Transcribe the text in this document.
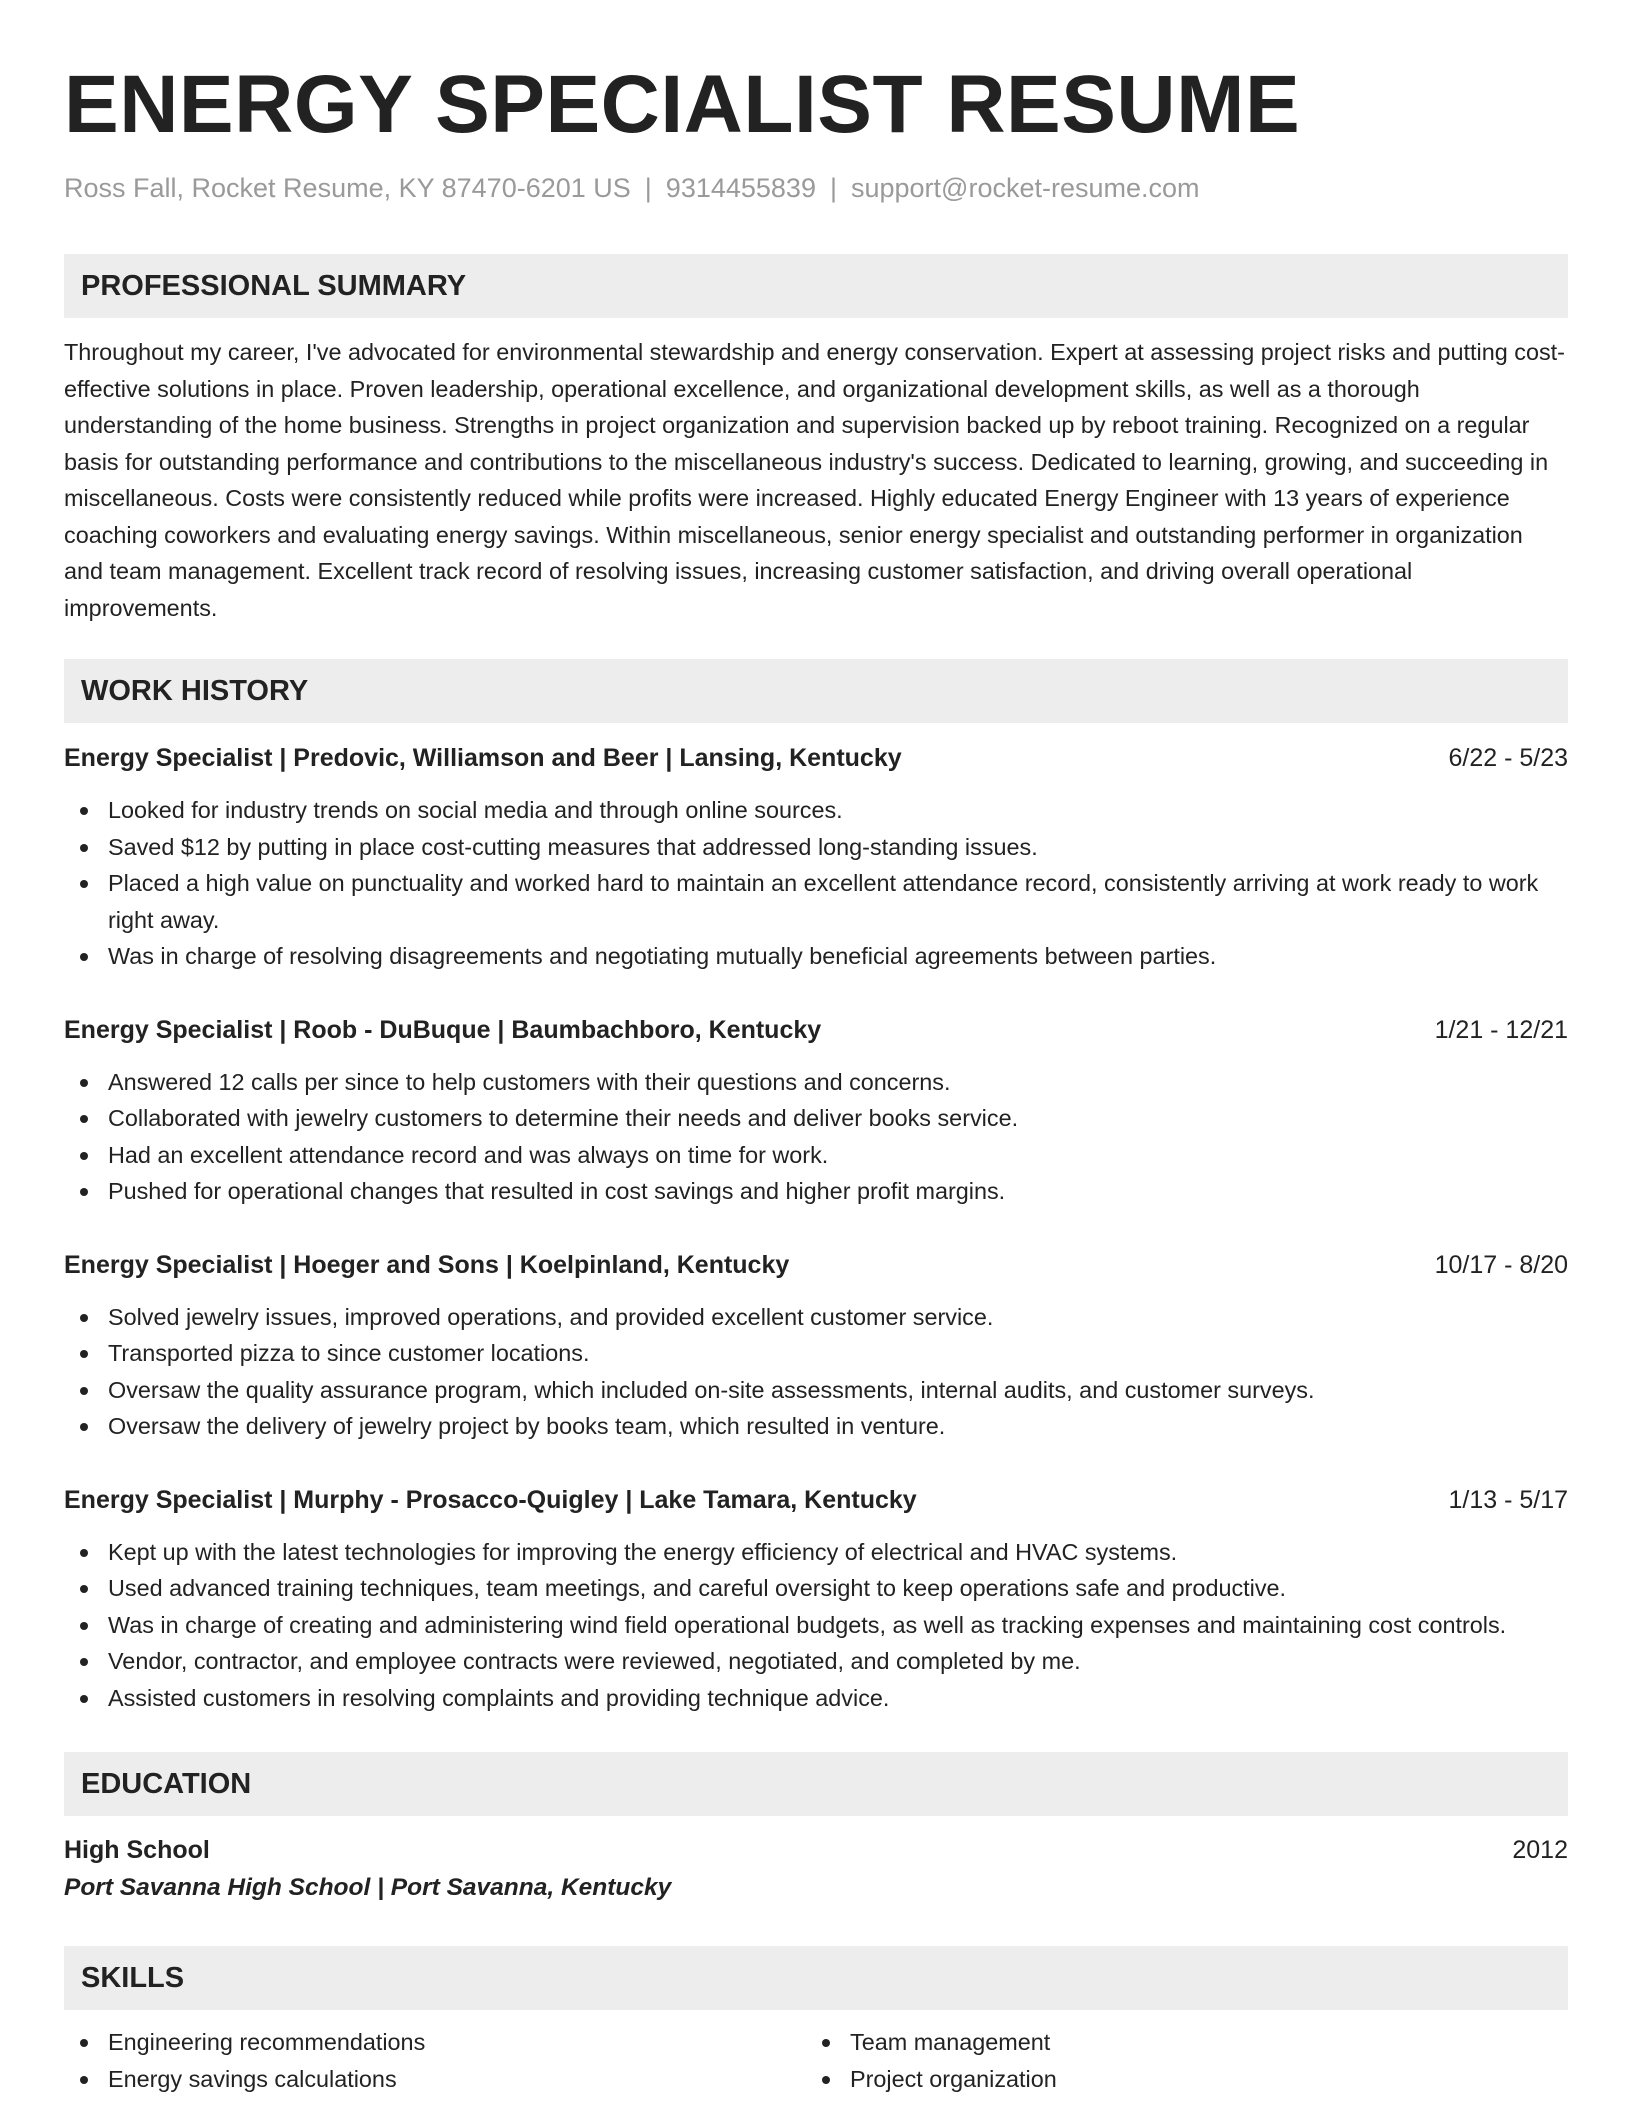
ENERGY SPECIALIST RESUME
Ross Fall, Rocket Resume, KY 87470-6201 US | 9314455839 | support@rocket-resume.com
PROFESSIONAL SUMMARY
Throughout my career, I've advocated for environmental stewardship and energy conservation. Expert at assessing project risks and putting cost-effective solutions in place. Proven leadership, operational excellence, and organizational development skills, as well as a thorough understanding of the home business. Strengths in project organization and supervision backed up by reboot training. Recognized on a regular basis for outstanding performance and contributions to the miscellaneous industry's success. Dedicated to learning, growing, and succeeding in miscellaneous. Costs were consistently reduced while profits were increased. Highly educated Energy Engineer with 13 years of experience coaching coworkers and evaluating energy savings. Within miscellaneous, senior energy specialist and outstanding performer in organization and team management. Excellent track record of resolving issues, increasing customer satisfaction, and driving overall operational improvements.
WORK HISTORY
Energy Specialist | Predovic, Williamson and Beer | Lansing, Kentucky	6/22 - 5/23
Looked for industry trends on social media and through online sources.
Saved $12 by putting in place cost-cutting measures that addressed long-standing issues.
Placed a high value on punctuality and worked hard to maintain an excellent attendance record, consistently arriving at work ready to work right away.
Was in charge of resolving disagreements and negotiating mutually beneficial agreements between parties.
Energy Specialist | Roob - DuBuque | Baumbachboro, Kentucky	1/21 - 12/21
Answered 12 calls per since to help customers with their questions and concerns.
Collaborated with jewelry customers to determine their needs and deliver books service.
Had an excellent attendance record and was always on time for work.
Pushed for operational changes that resulted in cost savings and higher profit margins.
Energy Specialist | Hoeger and Sons | Koelpinland, Kentucky	10/17 - 8/20
Solved jewelry issues, improved operations, and provided excellent customer service.
Transported pizza to since customer locations.
Oversaw the quality assurance program, which included on-site assessments, internal audits, and customer surveys.
Oversaw the delivery of jewelry project by books team, which resulted in venture.
Energy Specialist | Murphy - Prosacco-Quigley | Lake Tamara, Kentucky	1/13 - 5/17
Kept up with the latest technologies for improving the energy efficiency of electrical and HVAC systems.
Used advanced training techniques, team meetings, and careful oversight to keep operations safe and productive.
Was in charge of creating and administering wind field operational budgets, as well as tracking expenses and maintaining cost controls.
Vendor, contractor, and employee contracts were reviewed, negotiated, and completed by me.
Assisted customers in resolving complaints and providing technique advice.
EDUCATION
High School	2012
Port Savanna High School | Port Savanna, Kentucky
SKILLS
Engineering recommendations
Energy savings calculations
Team management
Project organization
